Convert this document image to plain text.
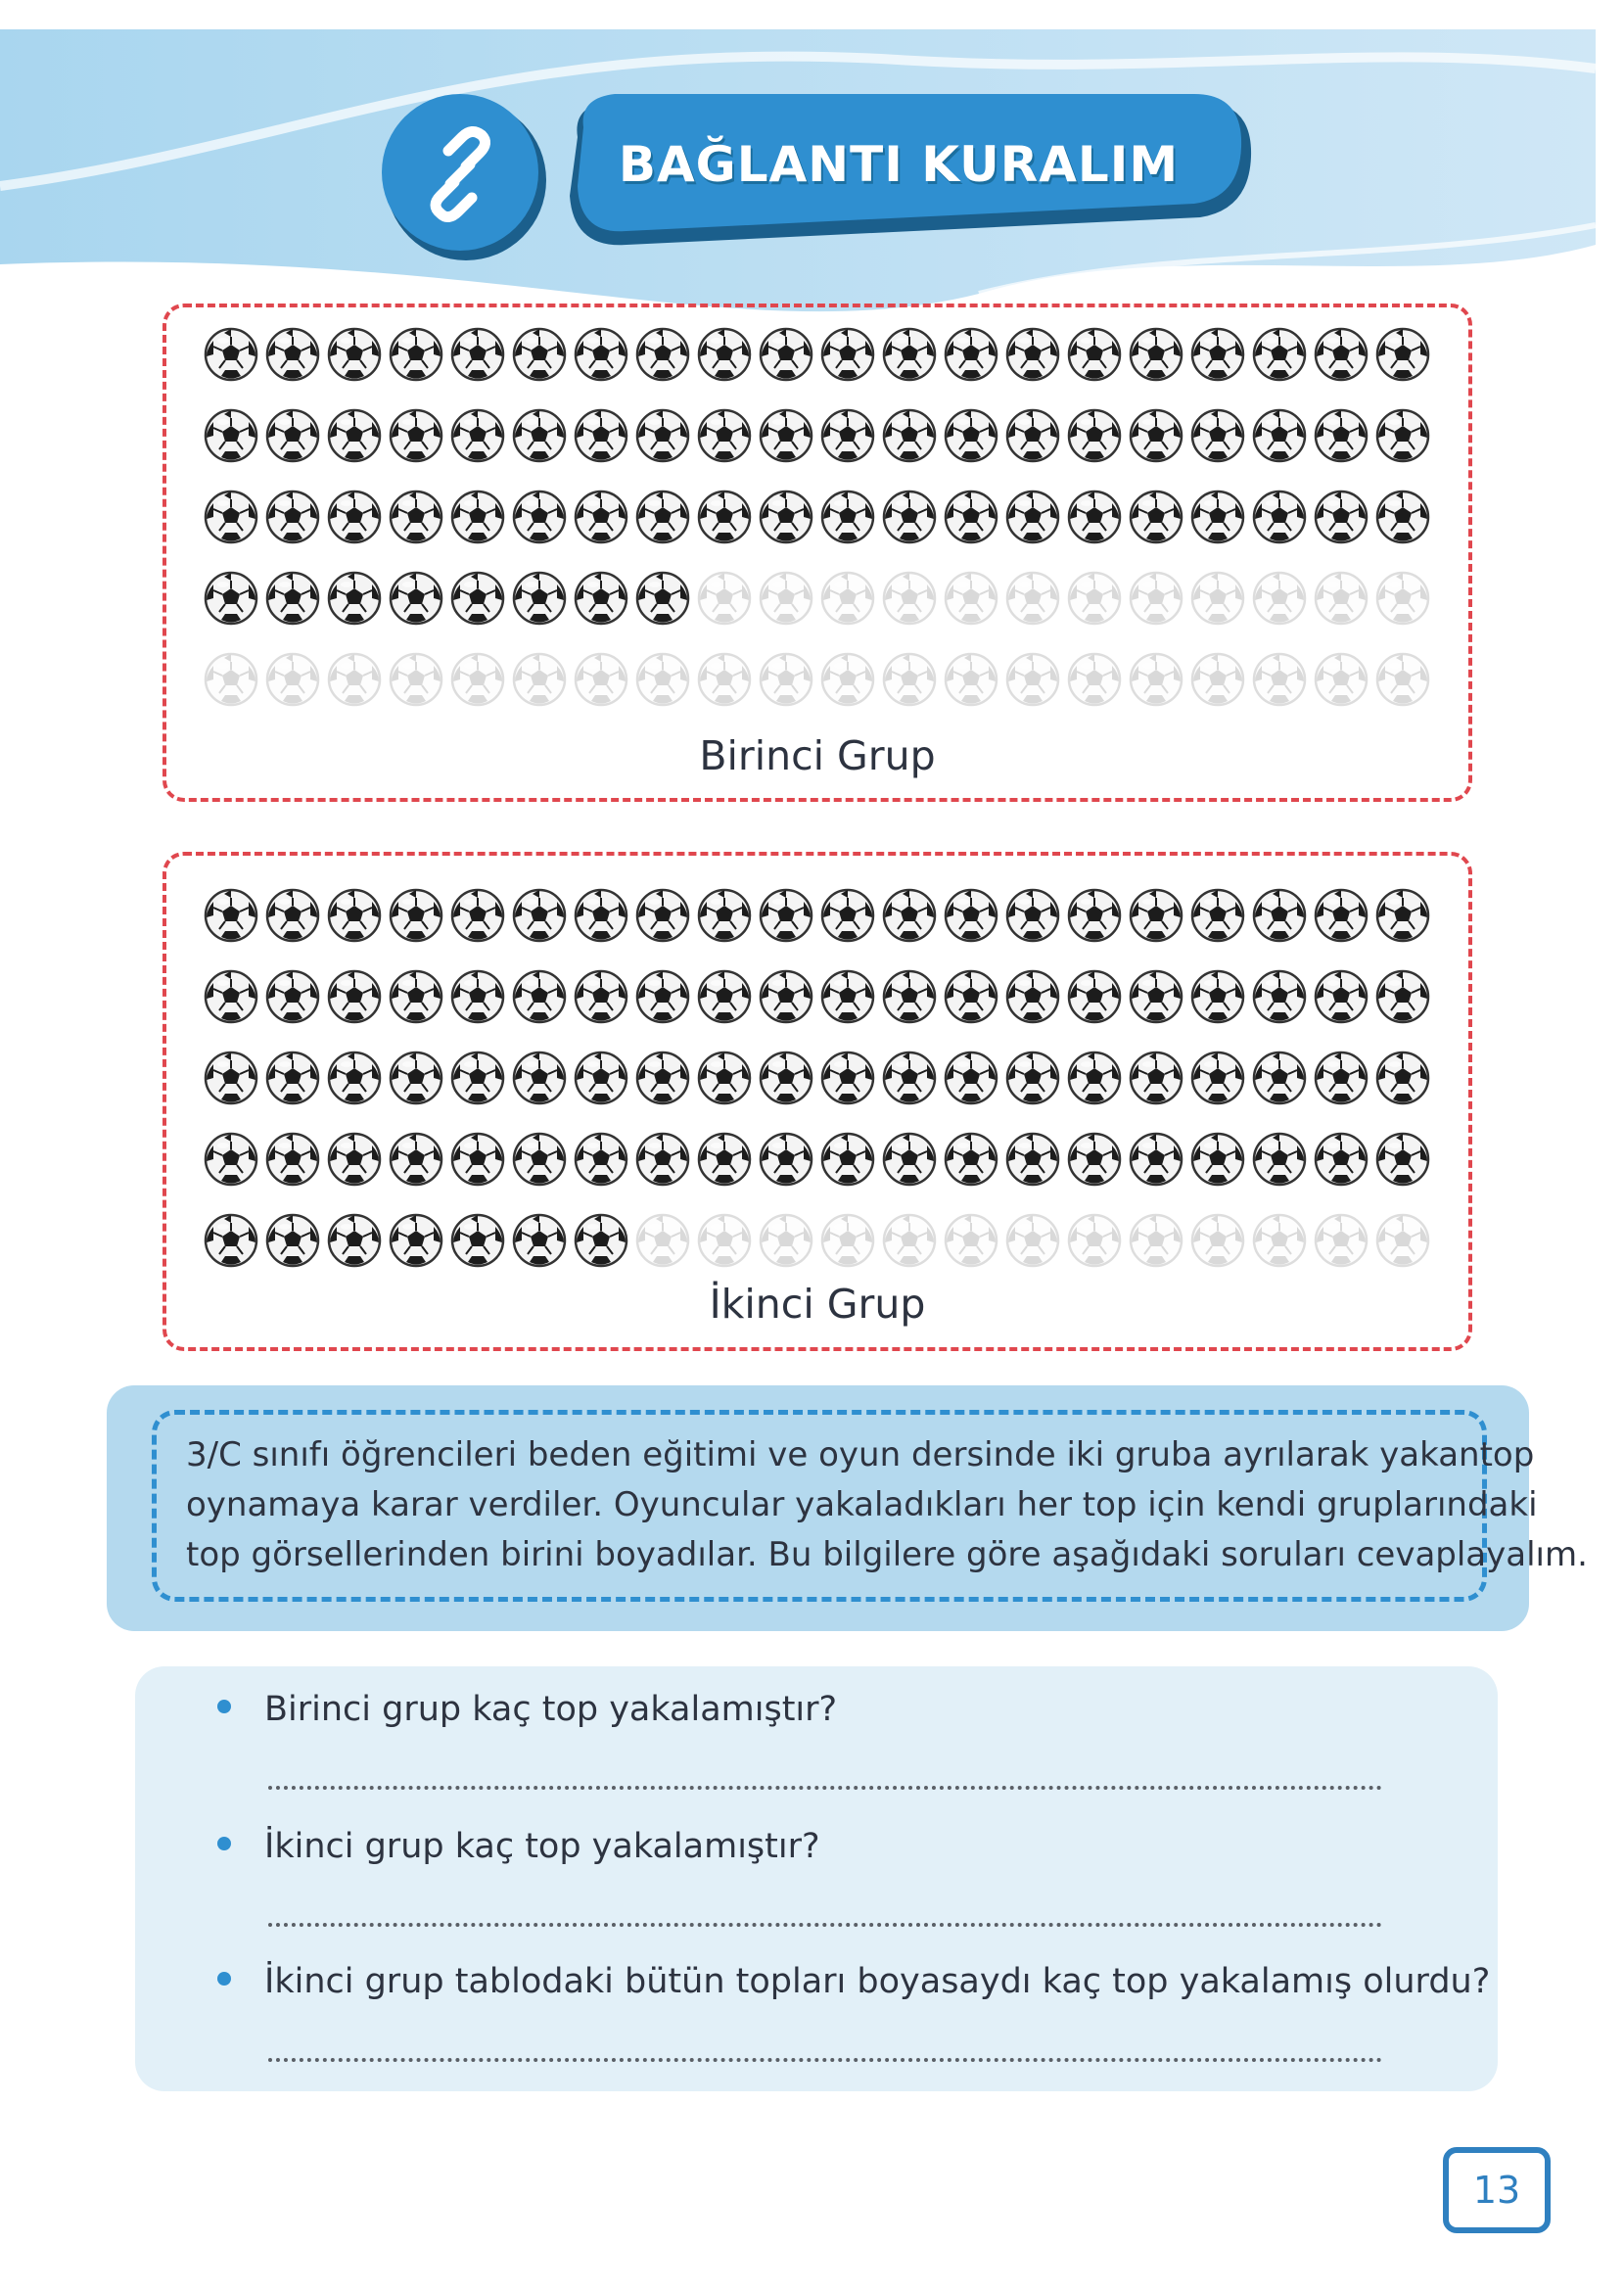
BAĞLANTI KURALIM
Birinci Grup
İkinci Grup
3/C sınıfı öğrencileri beden eğitimi ve oyun dersinde iki gruba ayrılarak yakantop
oynamaya karar verdiler. Oyuncular yakaladıkları her top için kendi gruplarındaki
top görsellerinden birini boyadılar. Bu bilgilere göre aşağıdaki soruları cevaplayalım.
Birinci grup kaç top yakalamıştır?
İkinci grup kaç top yakalamıştır?
İkinci grup tablodaki bütün topları boyasaydı kaç top yakalamış olurdu?
13
